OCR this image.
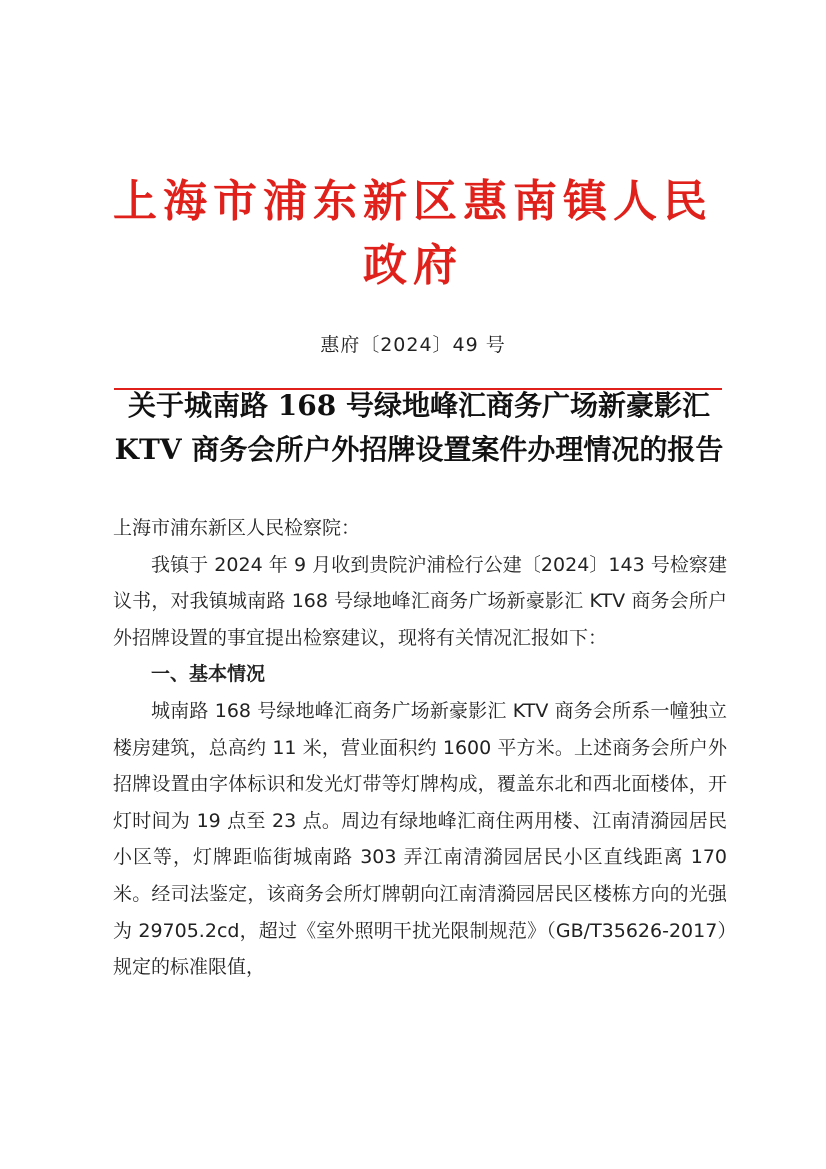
上海市浦东新区惠南镇人民政府
惠府〔2024〕49 号
关于城南路 168 号绿地峰汇商务广场新豪影汇 KTV 商务会所户外招牌设置案件办理情况的报告

上海市浦东新区人民检察院：

我镇于 2024 年 9 月收到贵院沪浦检行公建〔2024〕143 号检察建议书，对我镇城南路 168 号绿地峰汇商务广场新豪影汇 KTV 商务会所户外招牌设置的事宜提出检察建议，现将有关情况汇报如下：

一、基本情况

城南路 168 号绿地峰汇商务广场新豪影汇 KTV 商务会所系一幢独立楼房建筑，总高约 11 米，营业面积约 1600 平方米。上述商务会所户外招牌设置由字体标识和发光灯带等灯牌构成，覆盖东北和西北面楼体，开灯时间为 19 点至 23 点。周边有绿地峰汇商住两用楼、江南清漪园居民小区等，灯牌距临街城南路 303 弄江南清漪园居民小区直线距离 170 米。经司法鉴定，该商务会所灯牌朝向江南清漪园居民区楼栋方向的光强为 29705.2cd，超过《室外照明干扰光限制规范》（GB/T35626-2017）规定的标准限值，
